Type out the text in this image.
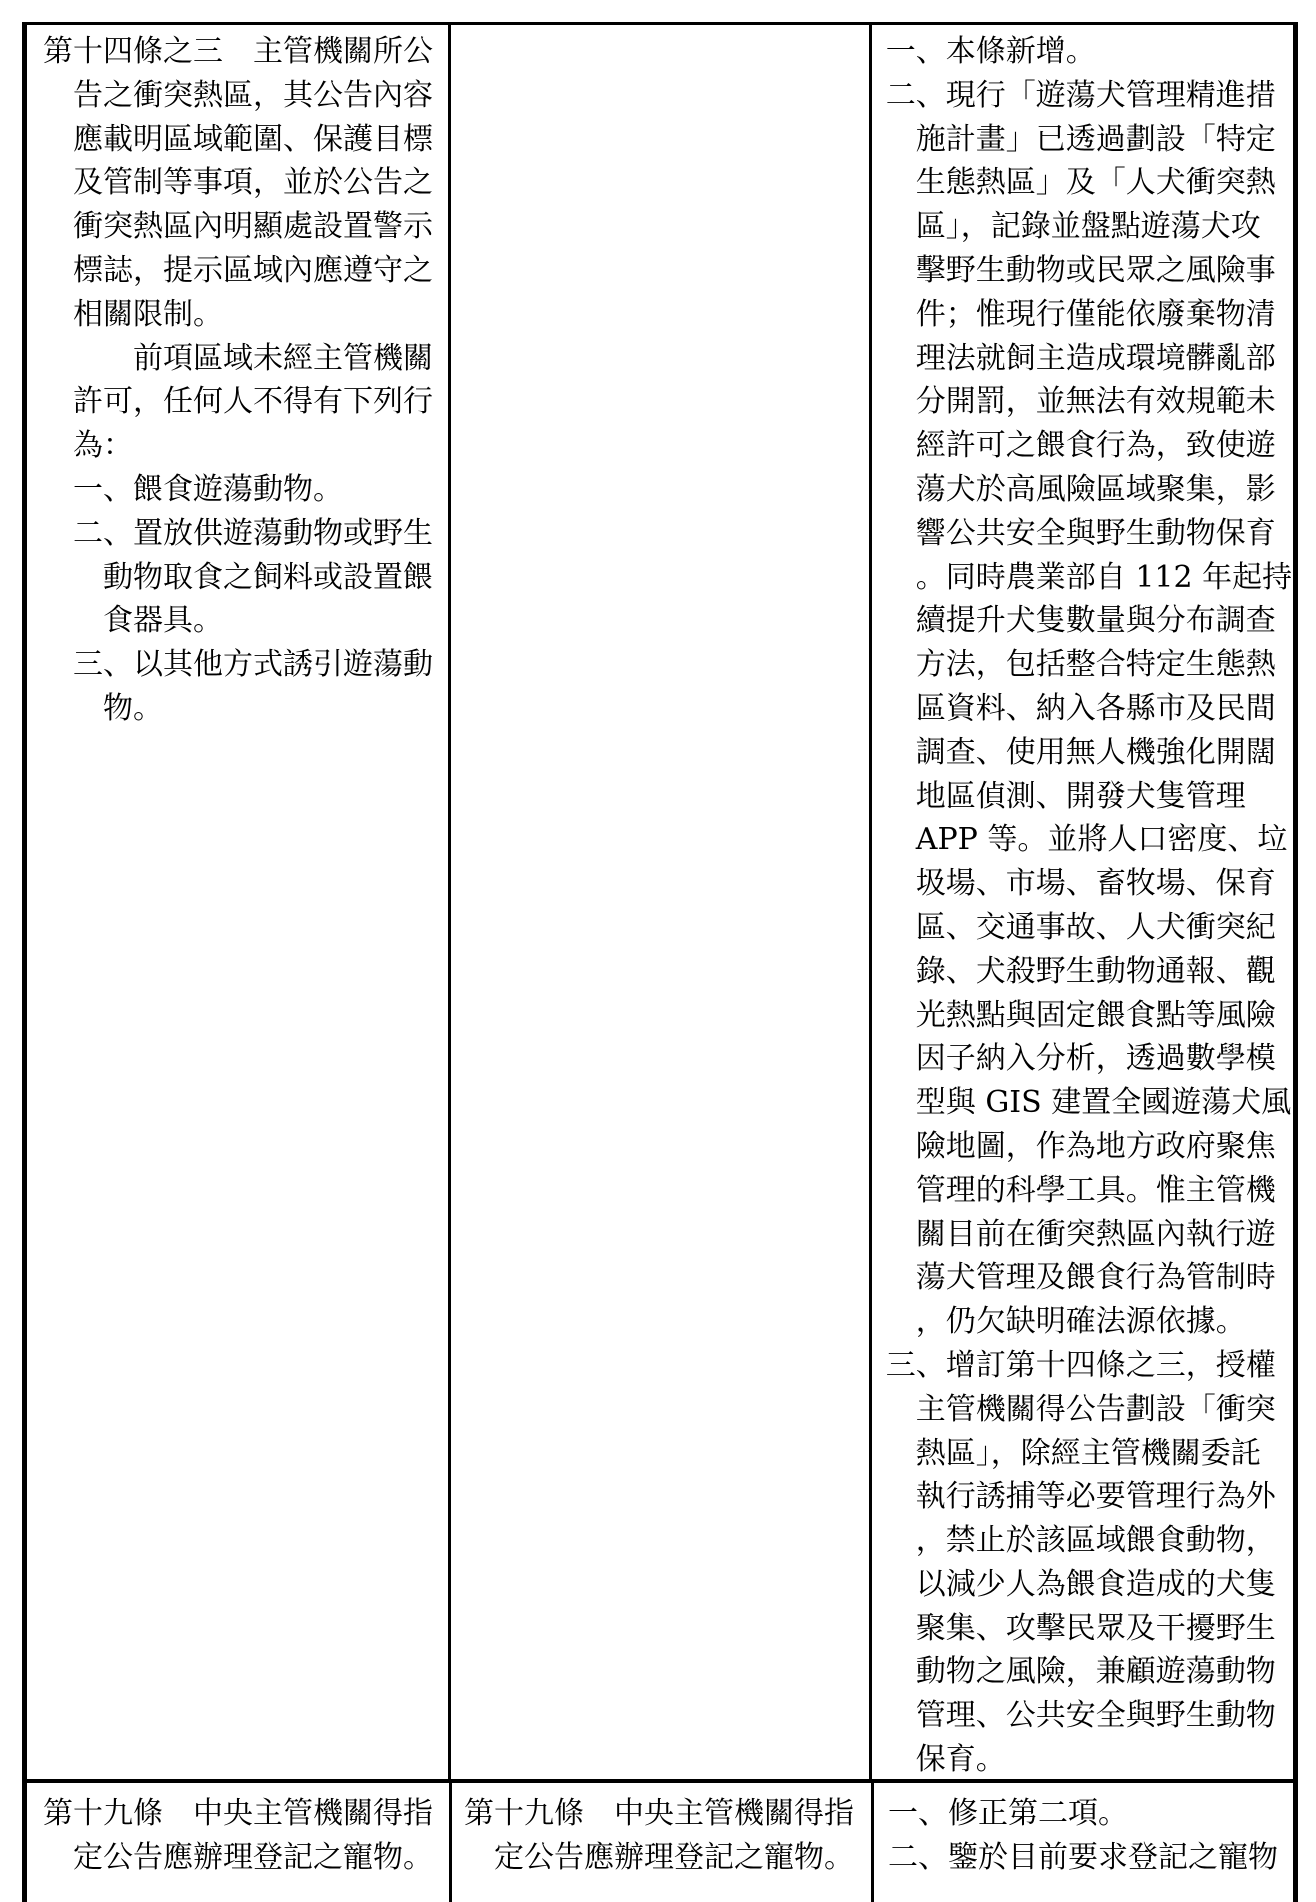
第十四條之三　主管機關所公
告之衝突熱區，其公告內容
應載明區域範圍、保護目標
及管制等事項，並於公告之
衝突熱區內明顯處設置警示
標誌，提示區域內應遵守之
相關限制。
前項區域未經主管機關
許可，任何人不得有下列行
為：
一、餵食遊蕩動物。
二、置放供遊蕩動物或野生
動物取食之飼料或設置餵
食器具。
三、以其他方式誘引遊蕩動
物。
一、本條新增。
二、現行「遊蕩犬管理精進措
施計畫」已透過劃設「特定
生態熱區」及「人犬衝突熱
區」，記錄並盤點遊蕩犬攻
擊野生動物或民眾之風險事
件；惟現行僅能依廢棄物清
理法就飼主造成環境髒亂部
分開罰，並無法有效規範未
經許可之餵食行為，致使遊
蕩犬於高風險區域聚集，影
響公共安全與野生動物保育
。同時農業部自 112 年起持
續提升犬隻數量與分布調查
方法，包括整合特定生態熱
區資料、納入各縣市及民間
調查、使用無人機強化開闊
地區偵測、開發犬隻管理
APP 等。並將人口密度、垃
圾場、市場、畜牧場、保育
區、交通事故、人犬衝突紀
錄、犬殺野生動物通報、觀
光熱點與固定餵食點等風險
因子納入分析，透過數學模
型與 GIS 建置全國遊蕩犬風
險地圖，作為地方政府聚焦
管理的科學工具。惟主管機
關目前在衝突熱區內執行遊
蕩犬管理及餵食行為管制時
，仍欠缺明確法源依據。
三、增訂第十四條之三，授權
主管機關得公告劃設「衝突
熱區」，除經主管機關委託
執行誘捕等必要管理行為外
，禁止於該區域餵食動物，
以減少人為餵食造成的犬隻
聚集、攻擊民眾及干擾野生
動物之風險，兼顧遊蕩動物
管理、公共安全與野生動物
保育。
第十九條　中央主管機關得指
定公告應辦理登記之寵物。
第十九條　中央主管機關得指
定公告應辦理登記之寵物。
一、修正第二項。
二、鑒於目前要求登記之寵物
